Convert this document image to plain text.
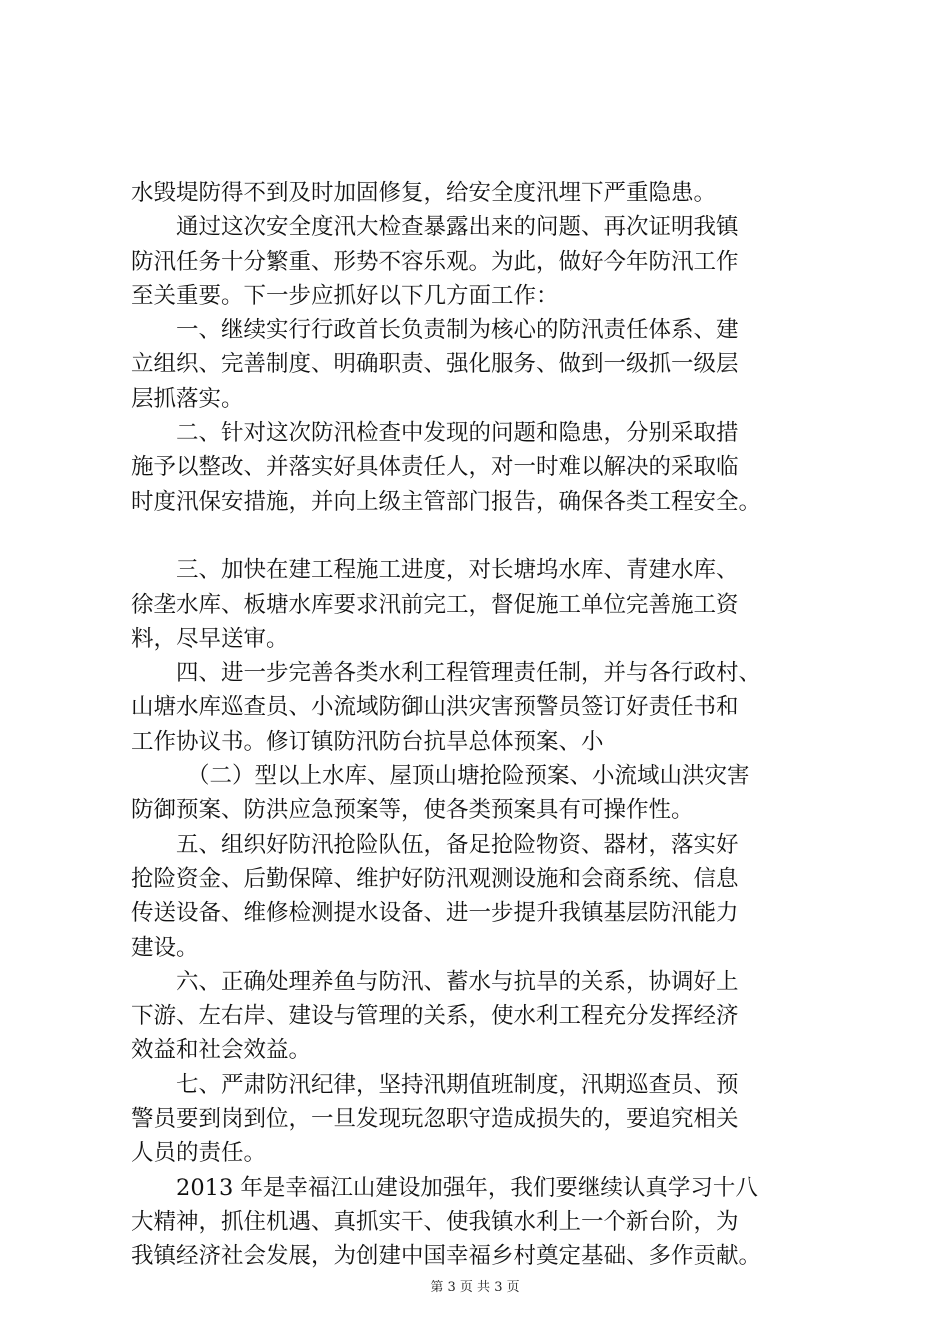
水毁堤防得不到及时加固修复，给安全度汛埋下严重隐患。
通过这次安全度汛大检查暴露出来的问题、再次证明我镇
防汛任务十分繁重、形势不容乐观。为此，做好今年防汛工作
至关重要。下一步应抓好以下几方面工作：
一、继续实行行政首长负责制为核心的防汛责任体系、建
立组织、完善制度、明确职责、强化服务、做到一级抓一级层
层抓落实。
二、针对这次防汛检查中发现的问题和隐患，分别采取措
施予以整改、并落实好具体责任人，对一时难以解决的采取临
时度汛保安措施，并向上级主管部门报告，确保各类工程安全。
三、加快在建工程施工进度，对长塘坞水库、青建水库、
徐垄水库、板塘水库要求汛前完工，督促施工单位完善施工资
料，尽早送审。
四、进一步完善各类水利工程管理责任制，并与各行政村、
山塘水库巡查员、小流域防御山洪灾害预警员签订好责任书和
工作协议书。修订镇防汛防台抗旱总体预案、小
（二）型以上水库、屋顶山塘抢险预案、小流域山洪灾害
防御预案、防洪应急预案等，使各类预案具有可操作性。
五、组织好防汛抢险队伍，备足抢险物资、器材，落实好
抢险资金、后勤保障、维护好防汛观测设施和会商系统、信息
传送设备、维修检测提水设备、进一步提升我镇基层防汛能力
建设。
六、正确处理养鱼与防汛、蓄水与抗旱的关系，协调好上
下游、左右岸、建设与管理的关系，使水利工程充分发挥经济
效益和社会效益。
七、严肃防汛纪律，坚持汛期值班制度，汛期巡查员、预
警员要到岗到位，一旦发现玩忽职守造成损失的，要追究相关
人员的责任。
2013 年是幸福江山建设加强年，我们要继续认真学习十八
大精神，抓住机遇、真抓实干、使我镇水利上一个新台阶，为
我镇经济社会发展，为创建中国幸福乡村奠定基础、多作贡献。
第 3 页 共 3 页
